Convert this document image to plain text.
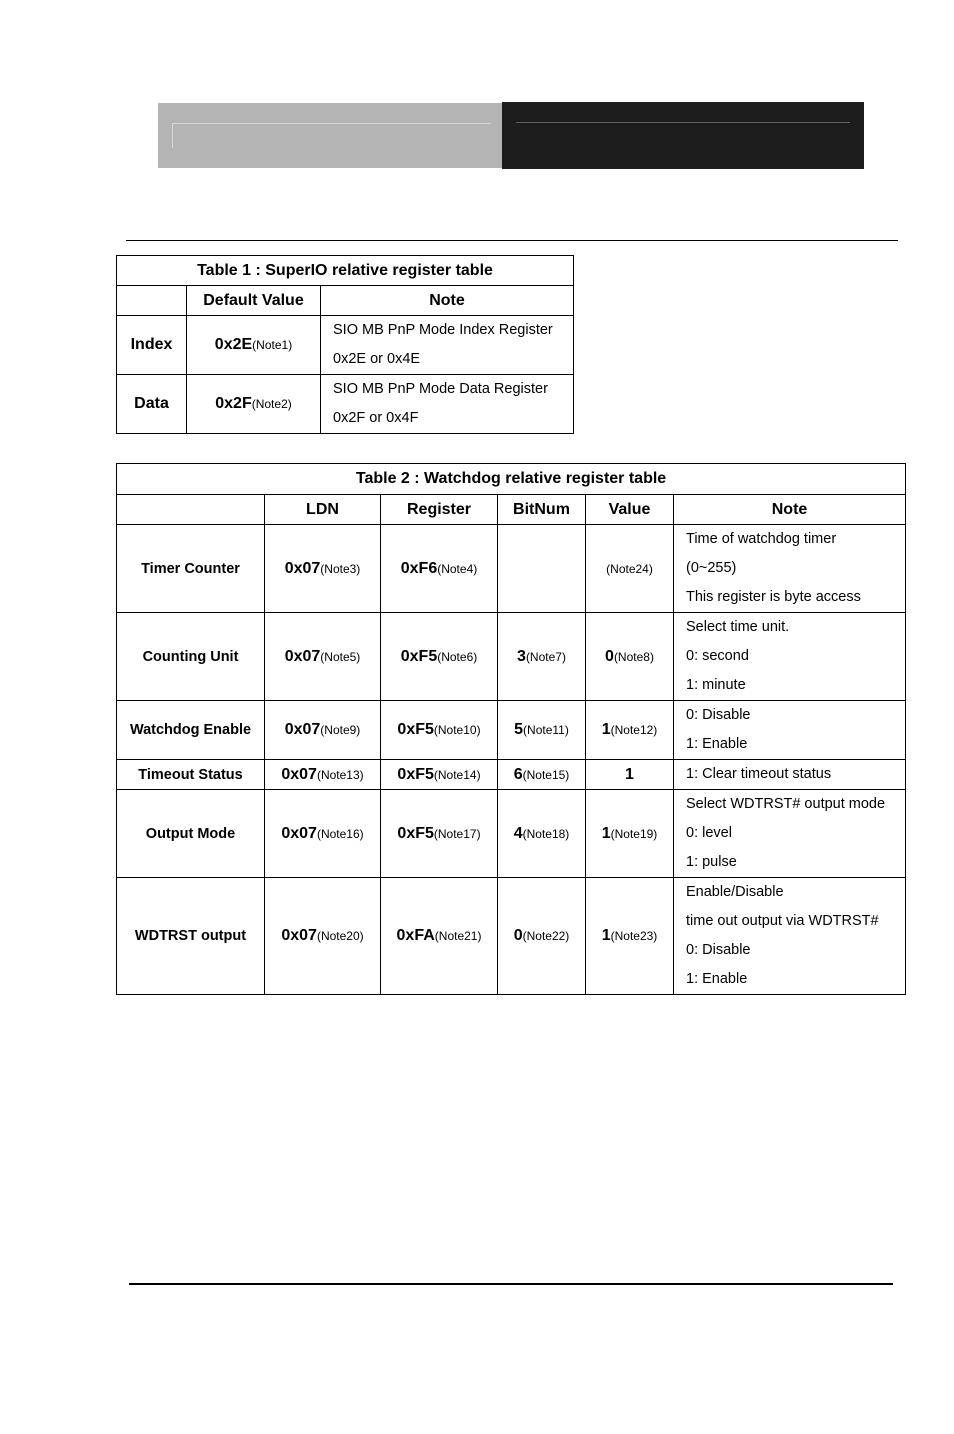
Table 1 : SuperIO relative register table		
	Default Value	Note
Index	0x2E(Note1)	SIO MB PnP Mode Index Register
0x2E or 0x4E

Data	0x2F(Note2)	SIO MB PnP Mode Data Register
0x2F or 0x4F
Table 2 : Watchdog relative register table					
	LDN	Register	BitNum	Value	Note
Timer Counter	0x07(Note3)	0xF6(Note4)		(Note24)	Time of watchdog timer
(0~255)
This register is byte access

Counting Unit	0x07(Note5)	0xF5(Note6)	3(Note7)	0(Note8)	Select time unit.
0: second
1: minute

Watchdog Enable	0x07(Note9)	0xF5(Note10)	5(Note11)	1(Note12)	0: Disable
1: Enable

Timeout Status	0x07(Note13)	0xF5(Note14)	6(Note15)	1	1: Clear timeout status

Output Mode	0x07(Note16)	0xF5(Note17)	4(Note18)	1(Note19)	Select WDTRST# output mode
0: level
1: pulse

WDTRST output	0x07(Note20)	0xFA(Note21)	0(Note22)	1(Note23)	Enable/Disable
time out output via WDTRST#
0: Disable
1: Enable
